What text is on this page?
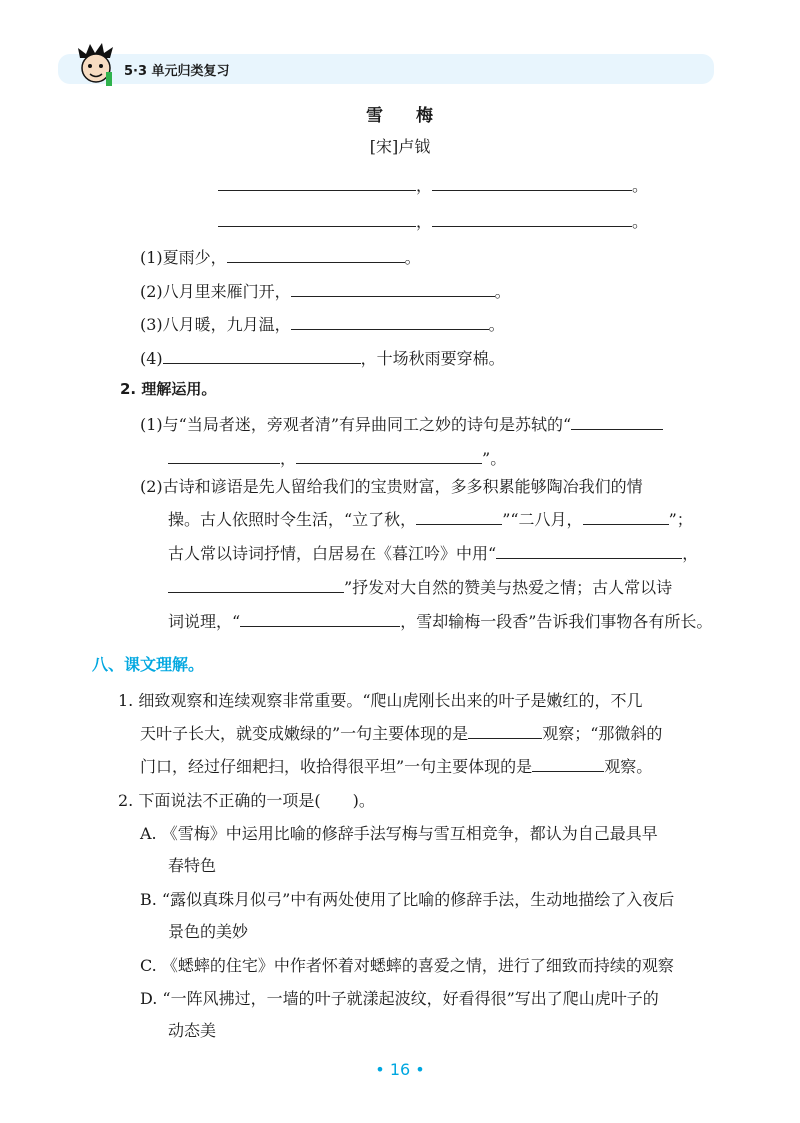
5·3 单元归类复习
雪 梅
[宋]卢钺
，	。
，	。
(1)夏雨少，	。
(2)八月里来雁门开，	。
(3)八月暖，九月温，	。
(4)	，十场秋雨要穿棉。
2. 理解运用。
(1)与“当局者迷，旁观者清”有异曲同工之妙的诗句是苏轼的“
，	”。
(2)古诗和谚语是先人留给我们的宝贵财富，多多积累能够陶冶我们的情
操。古人依照时令生活，“立了秋，	”“二八月，	”；
古人常以诗词抒情，白居易在《暮江吟》中用“	，
”抒发对大自然的赞美与热爱之情；古人常以诗
词说理，“	，雪却输梅一段香”告诉我们事物各有所长。
八、课文理解。
1. 细致观察和连续观察非常重要。“爬山虎刚长出来的叶子是嫩红的，不几
天叶子长大，就变成嫩绿的”一句主要体现的是	观察；“那微斜的
门口，经过仔细耙扫，收拾得很平坦”一句主要体现的是	观察。
2. 下面说法不正确的一项是(　　)。
A. 《雪梅》中运用比喻的修辞手法写梅与雪互相竞争，都认为自己最具早
春特色
B. “露似真珠月似弓”中有两处使用了比喻的修辞手法，生动地描绘了入夜后
景色的美妙
C. 《蟋蟀的住宅》中作者怀着对蟋蟀的喜爱之情，进行了细致而持续的观察
D. “一阵风拂过，一墙的叶子就漾起波纹，好看得很”写出了爬山虎叶子的
动态美
• 16 •
